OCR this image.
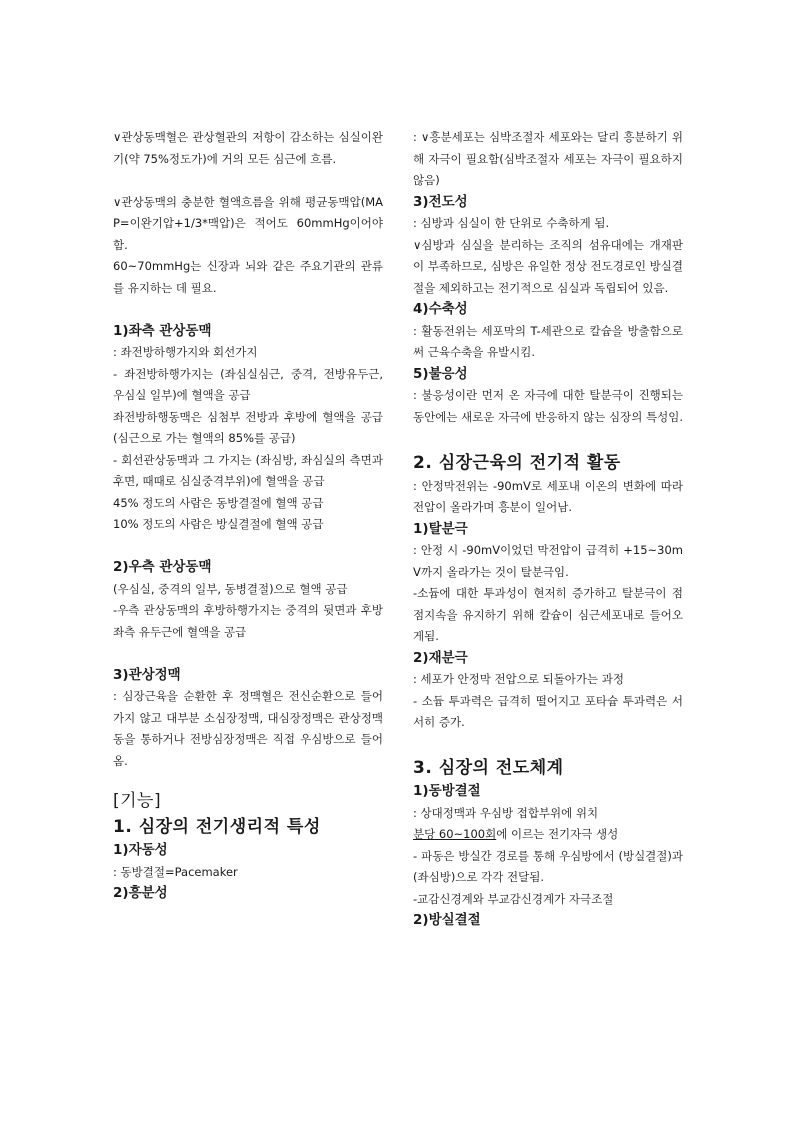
∨관상동맥혈은 관상혈관의 저항이 감소하는 심실이완기(약 75%정도가)에 거의 모든 심근에 흐름.

∨관상동맥의 충분한 혈액흐름을 위해 평균동맥압(MAP=이완기압+1/3*맥압)은 적어도 60mmHg이어야 함.

60~70mmHg는 신장과 뇌와 같은 주요기관의 관류를 유지하는 데 필요.

1)좌측 관상동맥

: 좌전방하행가지와 회선가지

- 좌전방하행가지는 (좌심실심근, 중격, 전방유두근, 우심실 일부)에 혈액을 공급

좌전방하행동맥은 심첨부 전방과 후방에 혈액을 공급(심근으로 가는 혈액의 85%를 공급)

- 회선관상동맥과 그 가지는 (좌심방, 좌심실의 측면과 후면, 때때로 심실중격부위)에 혈액을 공급

45% 정도의 사람은 동방결절에 혈액 공급

10% 정도의 사람은 방실결절에 혈액 공급

2)우측 관상동맥

(우심실, 중격의 일부, 동병결절)으로 혈액 공급

-우측 관상동맥의 후방하행가지는 중격의 뒷면과 후방 좌측 유두근에 혈액을 공급

3)관상정맥

: 심장근육을 순환한 후 정맥혈은 전신순환으로 들어가지 않고 대부분 소심장정맥, 대심장정맥은 관상정맥동을 통하거나 전방심장정맥은 직접 우심방으로 들어옴.

[기능]

1. 심장의 전기생리적 특성

1)자동성

: 동방결절=Pacemaker

2)흥분성

: ∨흥분세포는 심박조절자 세포와는 달리 흥분하기 위해 자극이 필요함(심박조절자 세포는 자극이 필요하지 않음)

3)전도성

: 심방과 심실이 한 단위로 수축하게 됨.

∨심방과 심실을 분리하는 조직의 섬유대에는 개재판이 부족하므로, 심방은 유일한 정상 전도경로인 방실결절을 제외하고는 전기적으로 심실과 독립되어 있음.

4)수축성

: 활동전위는 세포막의 T-세관으로 칼슘을 방출함으로써 근육수축을 유발시킴.

5)불응성

: 불응성이란 먼저 온 자극에 대한 탈분극이 진행되는 동안에는 새로운 자극에 반응하지 않는 심장의 특성임.

2. 심장근육의 전기적 활동

: 안정막전위는 -90mV로 세포내 이온의 변화에 따라 전압이 올라가며 흥분이 일어남.

1)탈분극

: 안정 시 -90mV이었던 막전압이 급격히 +15~30mV까지 올라가는 것이 탈분극임.

-소듐에 대한 투과성이 현저히 증가하고 탈분극이 점점지속을 유지하기 위해 칼슘이 심근세포내로 들어오게됨.

2)재분극

: 세포가 안정막 전압으로 되돌아가는 과정

- 소듐 투과력은 급격히 떨어지고 포타슘 투과력은 서서히 증가.

3. 심장의 전도체계

1)동방결절

: 상대정맥과 우심방 접합부위에 위치

분당 60~100회에 이르는 전기자극 생성

- 파동은 방실간 경로를 통해 우심방에서 (방실결절)과 (좌심방)으로 각각 전달됨.

-교감신경계와 부교감신경계가 자극조절

2)방실결절
